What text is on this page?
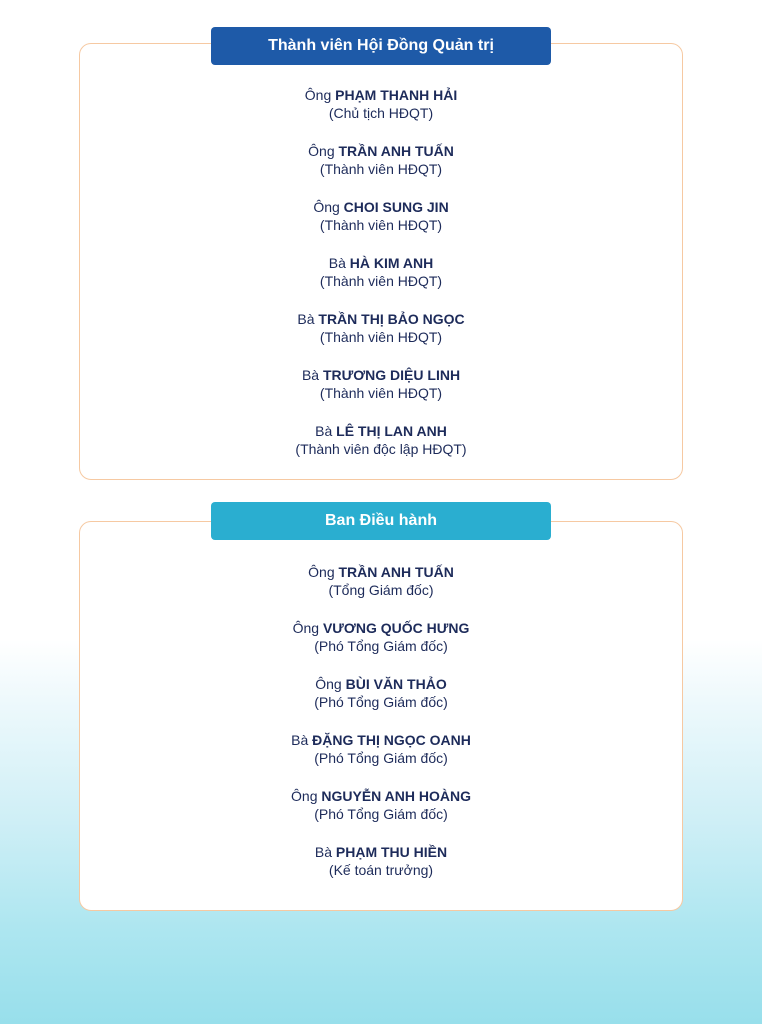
Ông PHẠM THANH HẢI
(Chủ tịch HĐQT)
Ông TRẦN ANH TUẤN
(Thành viên HĐQT)
Ông CHOI SUNG JIN
(Thành viên HĐQT)
Bà HÀ KIM ANH
(Thành viên HĐQT)
Bà TRẦN THỊ BẢO NGỌC
(Thành viên HĐQT)
Bà TRƯƠNG DIỆU LINH
(Thành viên HĐQT)
Bà LÊ THỊ LAN ANH
(Thành viên độc lập HĐQT)
Thành viên Hội Đồng Quản trị
Ông TRẦN ANH TUẤN
(Tổng Giám đốc)
Ông VƯƠNG QUỐC HƯNG
(Phó Tổng Giám đốc)
Ông BÙI VĂN THẢO
(Phó Tổng Giám đốc)
Bà ĐẶNG THỊ NGỌC OANH
(Phó Tổng Giám đốc)
Ông NGUYỄN ANH HOÀNG
(Phó Tổng Giám đốc)
Bà PHẠM THU HIỀN
(Kế toán trưởng)
Ban Điều hành
